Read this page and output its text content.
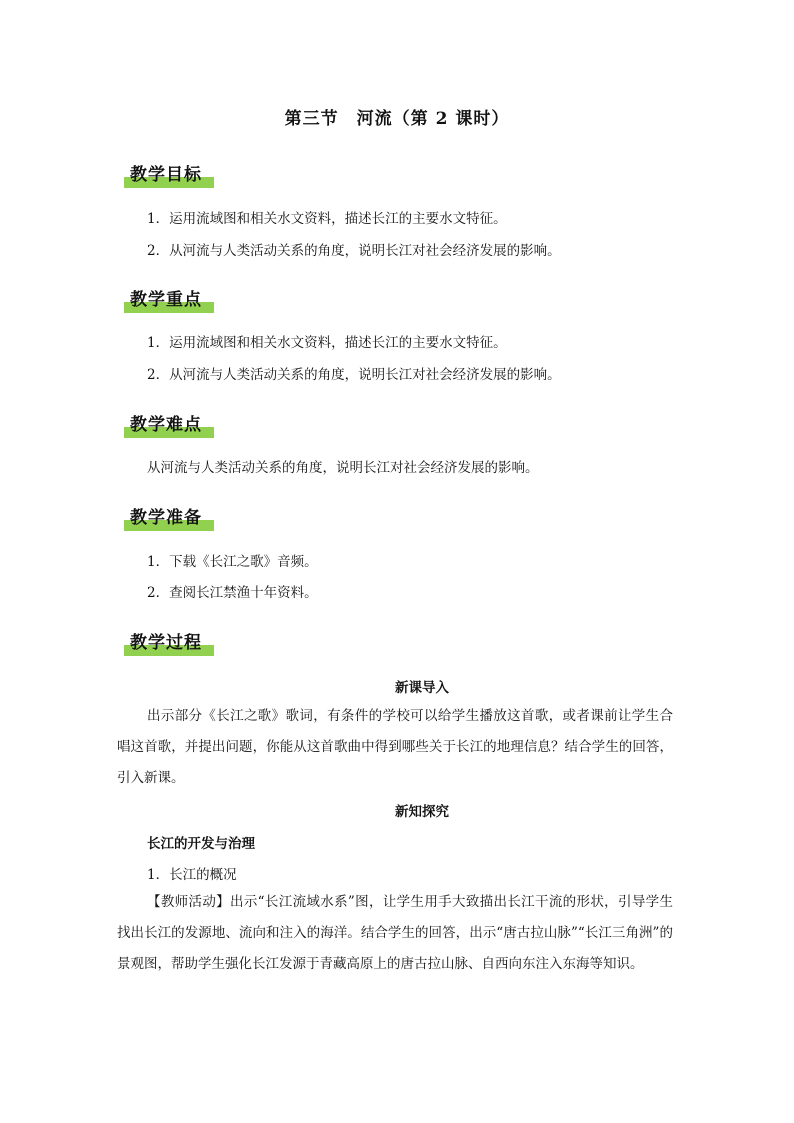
第三节　河流（第 2 课时）
教学目标
1．运用流域图和相关水文资料，描述长江的主要水文特征。
2．从河流与人类活动关系的角度，说明长江对社会经济发展的影响。
教学重点
1．运用流域图和相关水文资料，描述长江的主要水文特征。
2．从河流与人类活动关系的角度，说明长江对社会经济发展的影响。
教学难点
从河流与人类活动关系的角度，说明长江对社会经济发展的影响。
教学准备
1．下载《长江之歌》音频。
2．查阅长江禁渔十年资料。
教学过程
新课导入
出示部分《长江之歌》歌词，有条件的学校可以给学生播放这首歌，或者课前让学生合唱这首歌，并提出问题，你能从这首歌曲中得到哪些关于长江的地理信息？结合学生的回答，引入新课。
新知探究
长江的开发与治理
1．长江的概况
【教师活动】出示“长江流域水系”图，让学生用手大致描出长江干流的形状，引导学生找出长江的发源地、流向和注入的海洋。结合学生的回答，出示“唐古拉山脉”“长江三角洲”的景观图，帮助学生强化长江发源于青藏高原上的唐古拉山脉、自西向东注入东海等知识。
